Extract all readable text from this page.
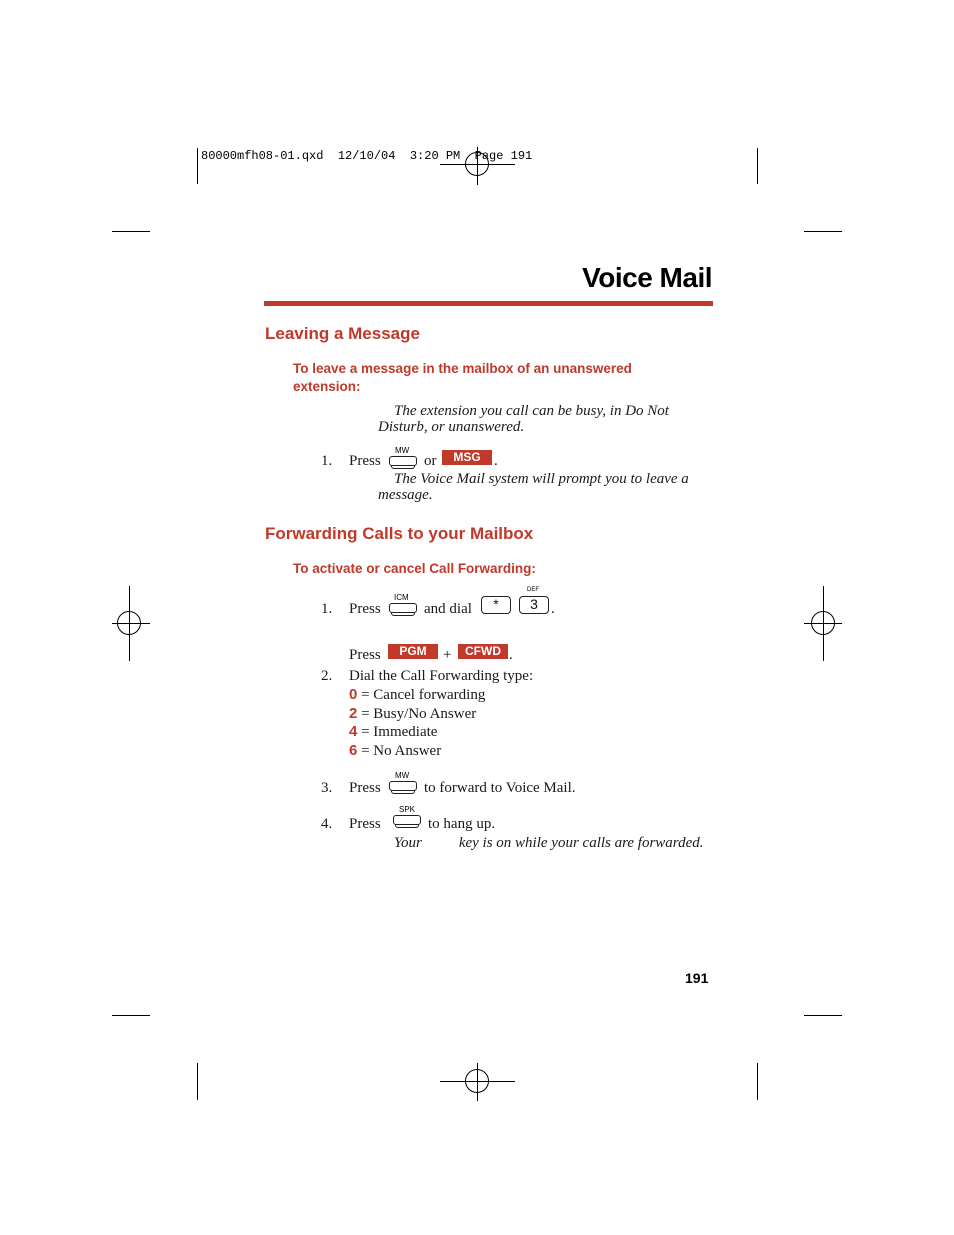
80000mfh08-01.qxd  12/10/04  3:20 PM  Page 191
Voice Mail
Leaving a Message
To leave a message in the mailbox of an unanswered
extension:
The extension you call can be busy, in Do Not
Disturb, or unanswered.
1. Press
MW
or	MSG .
The Voice Mail system will prompt you to leave a
message.
Forwarding Calls to your Mailbox
To activate or cancel Call Forwarding:
1. Press
ICM
and dial	*
DEF
3 .
Press	PGM	+	CFWD .
2. Dial the Call Forwarding type:
0 = Cancel forwarding
2 = Busy/No Answer
4 = Immediate
6 = No Answer
3. Press
MW
to forward to Voice Mail.
4. Press
SPK
to hang up.
Your key is on while your calls are forwarded.
191
